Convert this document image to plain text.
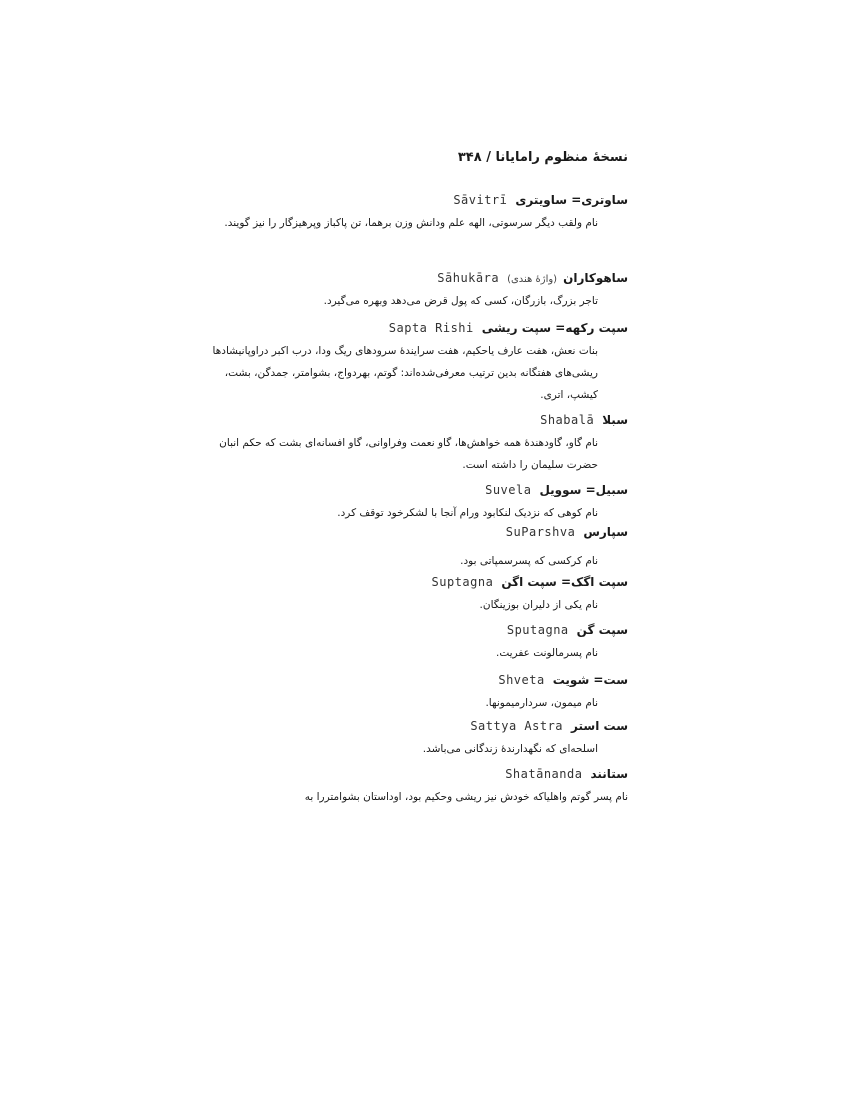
نسخهٔ منظوم رامایانا / ۳۴۸
ساوتری= ساویتریSāvitrī
نام ولقب دیگر سرسوتی، الهه علم ودانش وزن برهما، تن پاکباز وپرهیزگار را نیز گویند.
ساهوکاران(واژهٔ هندی)Sāhukāra
تاجر بزرگ، بازرگان، کسی که پول قرض می‌دهد وبهره می‌گیرد.
سپت رکهه= سپت ریشیSapta Rishi
بنات نعش، هفت عارف یاحکیم، هفت سرایندهٔ سرودهای ریگ ودا، درب اکبر دراوپانیشادها ریشی‌های هفتگانه بدین ترتیب معرفی‌شده‌اند: گوتم، بهردواج، بشوامتر، جمدگن، بشت، کیشپ، اتری.
سبلاShabalā
نام گاو، گاودهندهٔ همه خواهش‌ها، گاو نعمت وفراوانی، گاو افسانه‌ای بشت که حکم انبان حضرت سلیمان را داشته است.
سبیل= سوویلSuvela
نام کوهی که نزدیک لنکابود ورام آنجا با لشکرخود توقف کرد.
سپارسSuParshva
نام کرکسی که پسرسمپاتی بود.
سپت اگک= سپت اگنSuptagna
نام یکی از دلیران بوزینگان.
سپت گنSputagna
نام پسرمالونت عفریت.
ست= شویتShveta
نام میمون، سردارمیمونها.
ست استرSattya Astra
اسلحه‌ای که نگهدارندهٔ زندگانی می‌باشد.
ستانندShatānanda
نام پسر گوتم واهلیاکه خودش نیز ریشی وحکیم بود، اوداستان بشوامتررا به
